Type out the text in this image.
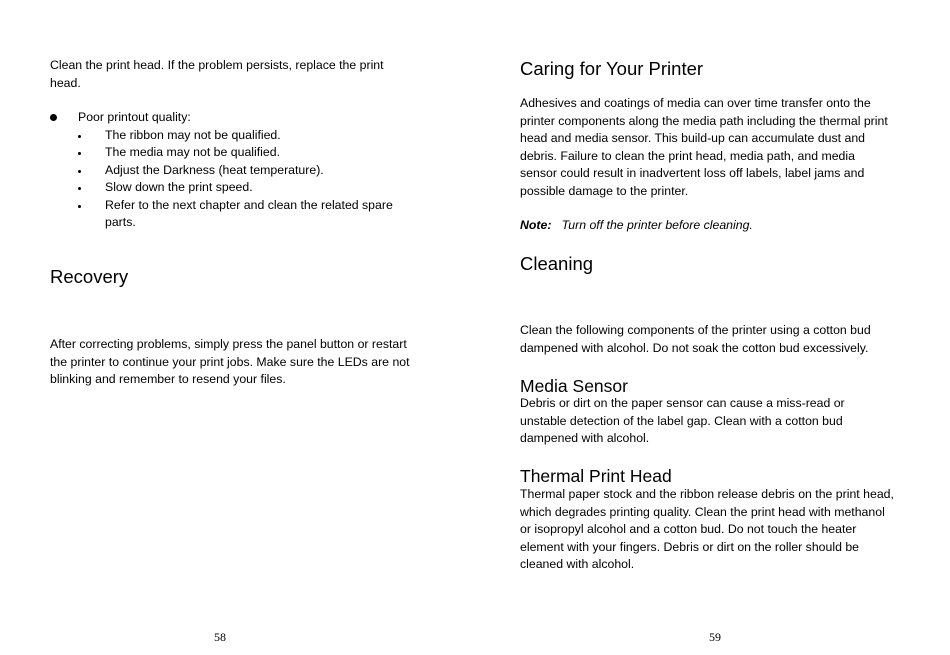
Clean the print head. If the problem persists, replace the print head.

Poor printout quality:
The ribbon may not be qualified.
The media may not be qualified.
Adjust the Darkness (heat temperature).
Slow down the print speed.
Refer to the next chapter and clean the related spare parts.
Recovery

After correcting problems, simply press the panel button or restart the printer to continue your print jobs. Make sure the LEDs are not blinking and remember to resend your files.

58
Caring for Your Printer

Adhesives and coatings of media can over time transfer onto the printer components along the media path including the thermal print head and media sensor. This build-up can accumulate dust and debris. Failure to clean the print head, media path, and media sensor could result in inadvertent loss off labels, label jams and possible damage to the printer.

Note: Turn off the printer before cleaning.

Cleaning

Clean the following components of the printer using a cotton bud dampened with alcohol. Do not soak the cotton bud excessively.

Media Sensor

Debris or dirt on the paper sensor can cause a miss-read or unstable detection of the label gap. Clean with a cotton bud dampened with alcohol.

Thermal Print Head

Thermal paper stock and the ribbon release debris on the print head, which degrades printing quality. Clean the print head with methanol or isopropyl alcohol and a cotton bud. Do not touch the heater element with your fingers. Debris or dirt on the roller should be cleaned with alcohol.

59
